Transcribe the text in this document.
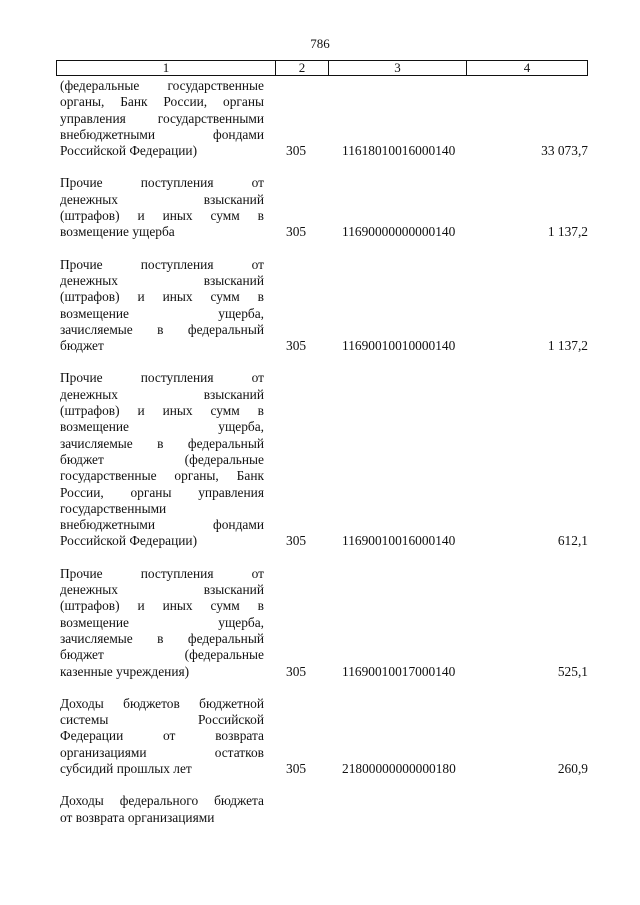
786
1	2	3	4
(федеральные государственные
органы, Банк России, органы
управления государственными
внебюджетными фондами
Российской Федерации)	305	11618010016000140	33 073,7
Прочие поступления от
денежных взысканий
(штрафов) и иных сумм в
возмещение ущерба	305	11690000000000140	1 137,2
Прочие поступления от
денежных взысканий
(штрафов) и иных сумм в
возмещение ущерба,
зачисляемые в федеральный
бюджет	305	11690010010000140	1 137,2
Прочие поступления от
денежных взысканий
(штрафов) и иных сумм в
возмещение ущерба,
зачисляемые в федеральный
бюджет (федеральные
государственные органы, Банк
России, органы управления
государственными
внебюджетными фондами
Российской Федерации)	305	11690010016000140	612,1
Прочие поступления от
денежных взысканий
(штрафов) и иных сумм в
возмещение ущерба,
зачисляемые в федеральный
бюджет (федеральные
казенные учреждения)	305	11690010017000140	525,1
Доходы бюджетов бюджетной
системы Российской
Федерации от возврата
организациями остатков
субсидий прошлых лет	305	21800000000000180	260,9
Доходы федерального бюджета
от возврата организациями
